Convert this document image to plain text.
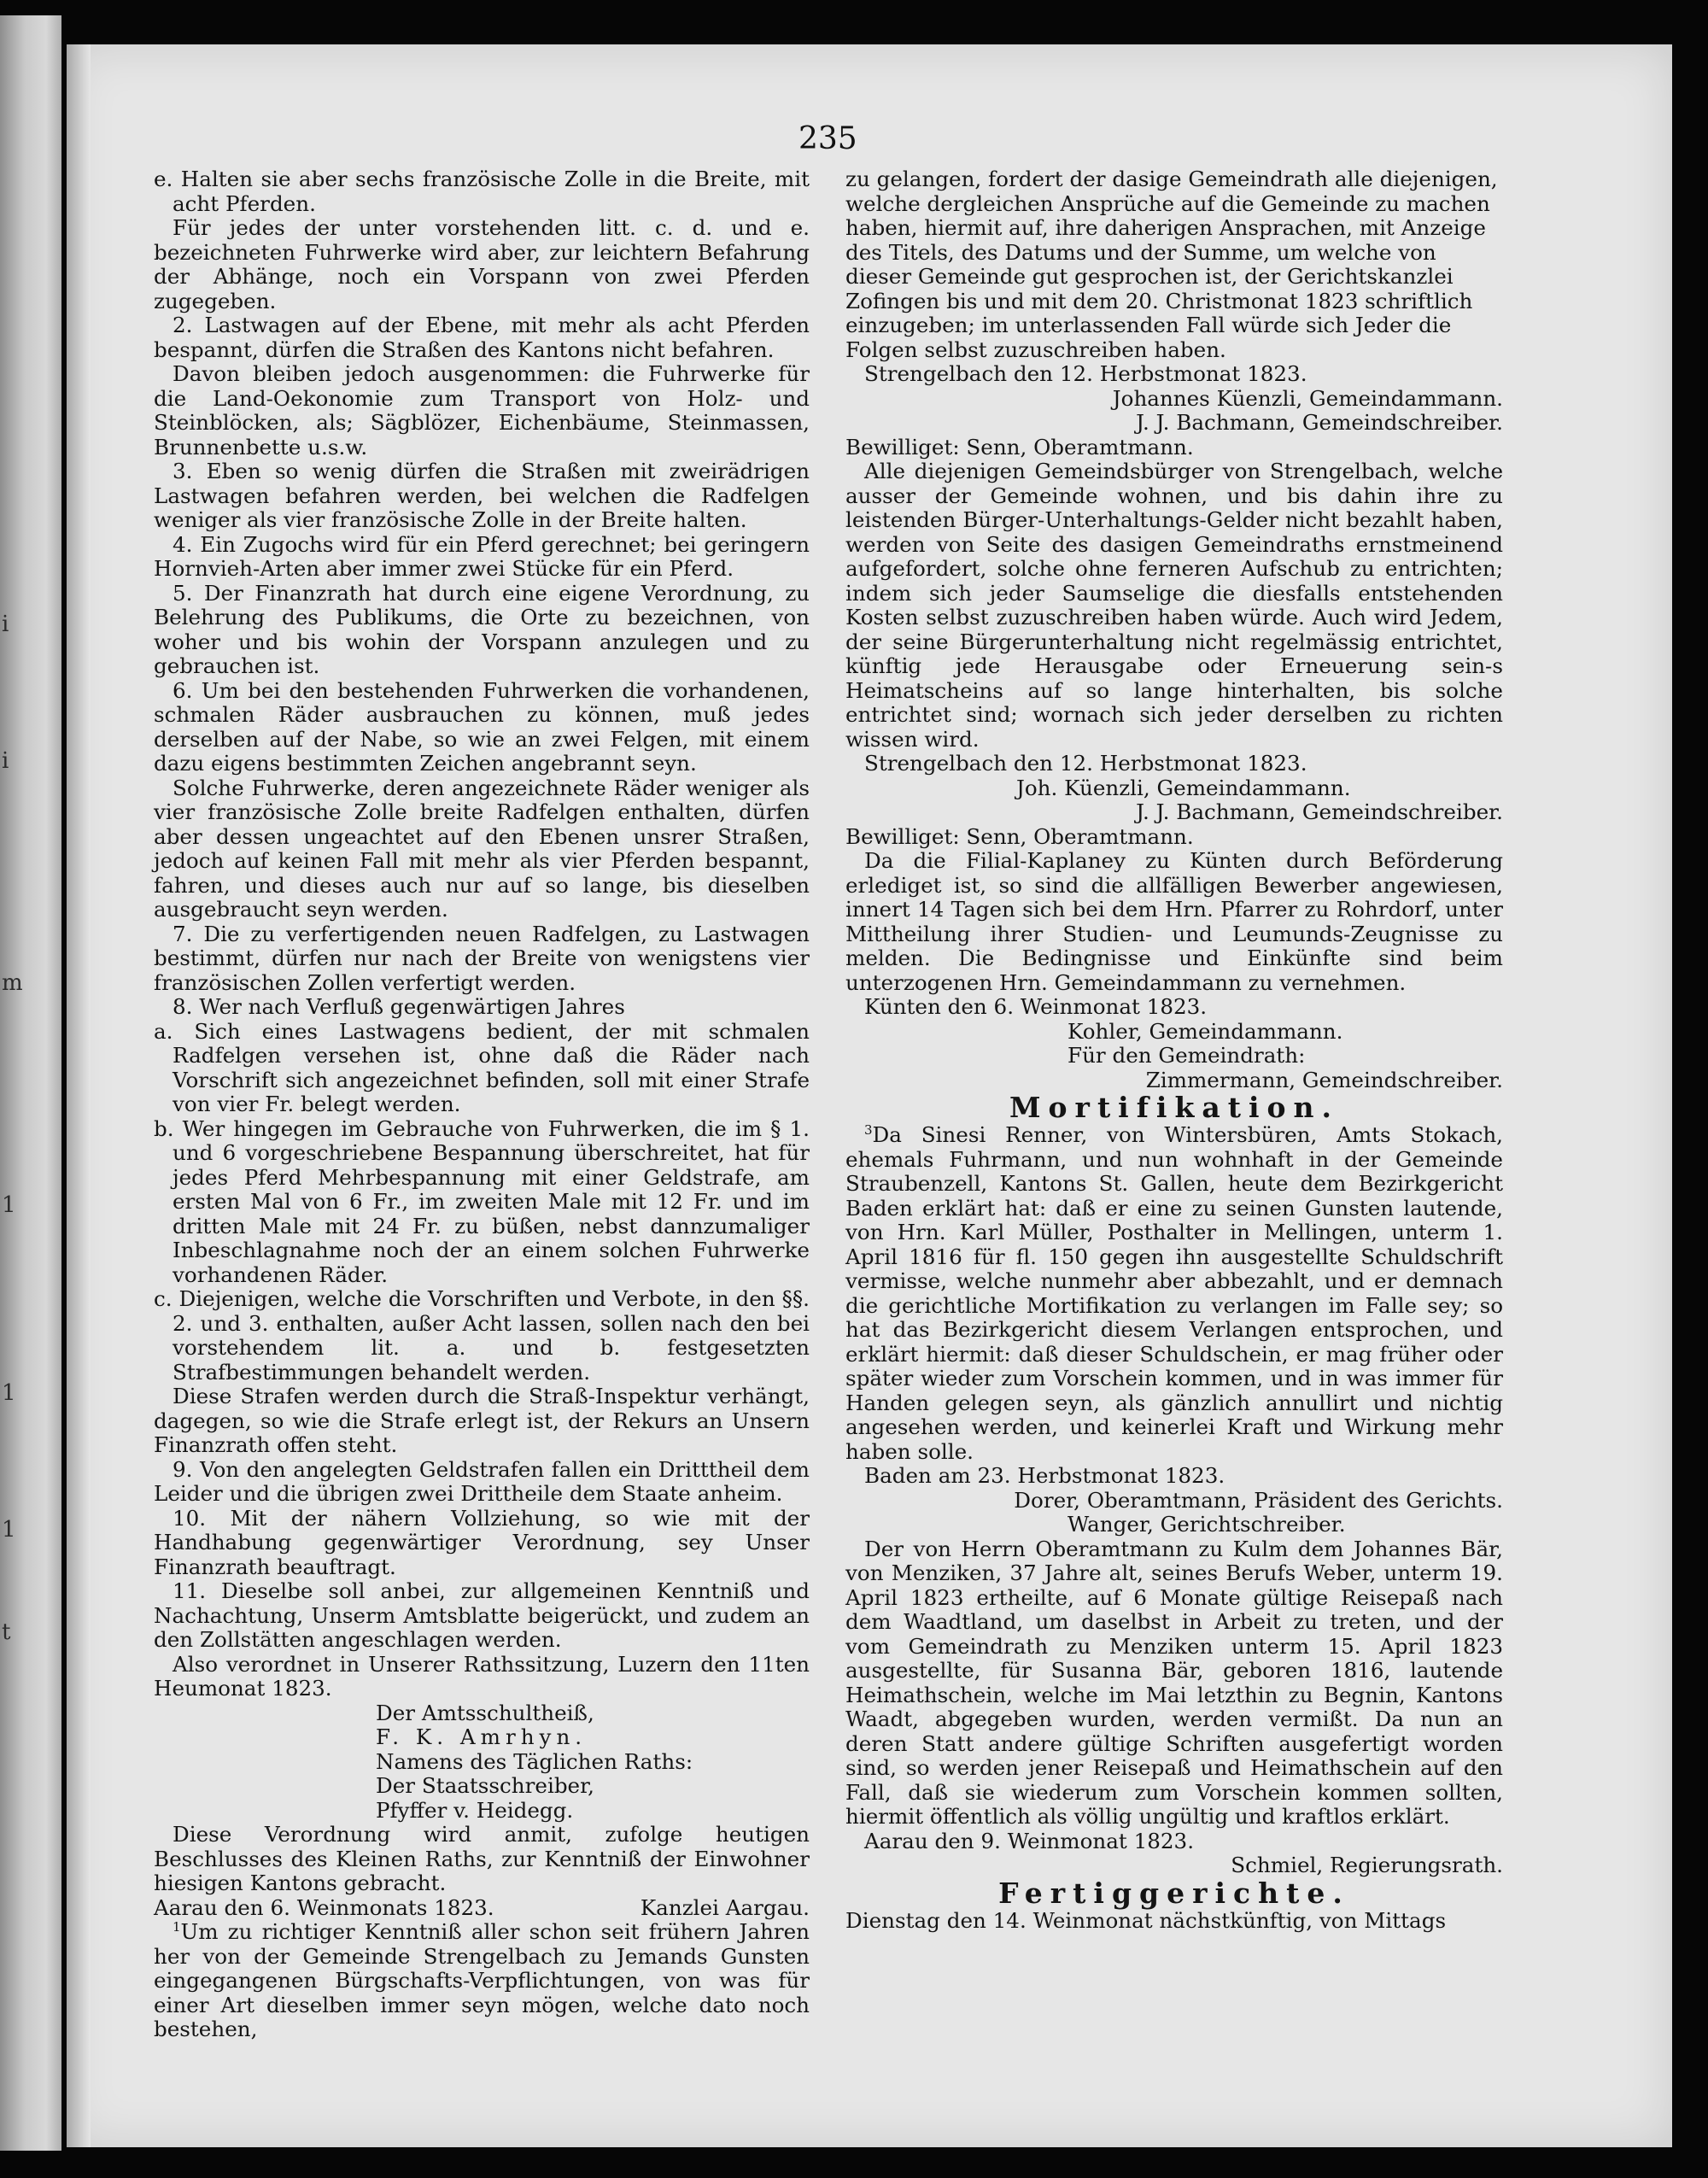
i
i
m
1
1
1
t
235

e. Halten sie aber sechs französische Zolle in die Breite, mit acht Pferden.

Für jedes der unter vorstehenden litt. c. d. und e. bezeichneten Fuhrwerke wird aber, zur leichtern Befahrung der Abhänge, noch ein Vorspann von zwei Pferden zugegeben.

2. Lastwagen auf der Ebene, mit mehr als acht Pferden bespannt, dürfen die Straßen des Kantons nicht befahren.

Davon bleiben jedoch ausgenommen: die Fuhrwerke für die Land-Oekonomie zum Transport von Holz- und Steinblöcken, als; Sägblözer, Eichenbäume, Steinmassen, Brunnenbette u.s.w.

3. Eben so wenig dürfen die Straßen mit zweirädrigen Lastwagen befahren werden, bei welchen die Radfelgen weniger als vier französische Zolle in der Breite halten.

4. Ein Zugochs wird für ein Pferd gerechnet; bei geringern Hornvieh-Arten aber immer zwei Stücke für ein Pferd.

5. Der Finanzrath hat durch eine eigene Verordnung, zu Belehrung des Publikums, die Orte zu bezeichnen, von woher und bis wohin der Vorspann anzulegen und zu gebrauchen ist.

6. Um bei den bestehenden Fuhrwerken die vorhandenen, schmalen Räder ausbrauchen zu können, muß jedes derselben auf der Nabe, so wie an zwei Felgen, mit einem dazu eigens bestimmten Zeichen angebrannt seyn.

Solche Fuhrwerke, deren angezeichnete Räder weniger als vier französische Zolle breite Radfelgen enthalten, dürfen aber dessen ungeachtet auf den Ebenen unsrer Straßen, jedoch auf keinen Fall mit mehr als vier Pferden bespannt, fahren, und dieses auch nur auf so lange, bis dieselben ausgebraucht seyn werden.

7. Die zu verfertigenden neuen Radfelgen, zu Lastwagen bestimmt, dürfen nur nach der Breite von wenigstens vier französischen Zollen verfertigt werden.

8. Wer nach Verfluß gegenwärtigen Jahres

a. Sich eines Lastwagens bedient, der mit schmalen Radfelgen versehen ist, ohne daß die Räder nach Vorschrift sich angezeichnet befinden, soll mit einer Strafe von vier Fr. belegt werden.

b. Wer hingegen im Gebrauche von Fuhrwerken, die im § 1. und 6 vorgeschriebene Bespannung überschreitet, hat für jedes Pferd Mehrbespannung mit einer Geldstrafe, am ersten Mal von 6 Fr., im zweiten Male mit 12 Fr. und im dritten Male mit 24 Fr. zu büßen, nebst dannzumaliger Inbeschlagnahme noch der an einem solchen Fuhrwerke vorhandenen Räder.

c. Diejenigen, welche die Vorschriften und Verbote, in den §§. 2. und 3. enthalten, außer Acht lassen, sollen nach den bei vorstehendem lit. a. und b. festgesetzten Strafbestimmungen behandelt werden.

Diese Strafen werden durch die Straß-Inspektur verhängt, dagegen, so wie die Strafe erlegt ist, der Rekurs an Unsern Finanzrath offen steht.

9. Von den angelegten Geldstrafen fallen ein Dritttheil dem Leider und die übrigen zwei Drittheile dem Staate anheim.

10. Mit der nähern Vollziehung, so wie mit der Handhabung gegenwärtiger Verordnung, sey Unser Finanzrath beauftragt.

11. Dieselbe soll anbei, zur allgemeinen Kenntniß und Nachachtung, Unserm Amtsblatte beigerückt, und zudem an den Zollstätten angeschlagen werden.

Also verordnet in Unserer Rathssitzung, Luzern den 11ten Heumonat 1823.

Der Amtsschultheiß,

F. K. Amrhyn.

Namens des Täglichen Raths:

Der Staatsschreiber,

Pfyffer v. Heidegg.

Diese Verordnung wird anmit, zufolge heutigen Beschlusses des Kleinen Raths, zur Kenntniß der Einwohner hiesigen Kantons gebracht.

Aarau den 6. Weinmonats 1823.	Kanzlei Aargau.

$^1$Um zu richtiger Kenntniß aller schon seit frühern Jahren her von der Gemeinde Strengelbach zu Jemands Gunsten eingegangenen Bürgschafts-Verpflichtungen, von was für einer Art dieselben immer seyn mögen, welche dato noch bestehen,

zu gelangen, fordert der dasige Gemeindrath alle diejenigen, welche dergleichen Ansprüche auf die Gemeinde zu machen haben, hiermit auf, ihre daherigen Ansprachen, mit Anzeige des Titels, des Datums und der Summe, um welche von dieser Gemeinde gut gesprochen ist, der Gerichtskanzlei Zofingen bis und mit dem 20. Christmonat 1823 schriftlich einzugeben; im unterlassenden Fall würde sich Jeder die Folgen selbst zuzuschreiben haben.

Strengelbach den 12. Herbstmonat 1823.

Johannes Küenzli, Gemeindammann.

J. J. Bachmann, Gemeindschreiber.

Bewilliget: Senn, Oberamtmann.

Alle diejenigen Gemeindsbürger von Strengelbach, welche ausser der Gemeinde wohnen, und bis dahin ihre zu leistenden Bürger-Unterhaltungs-Gelder nicht bezahlt haben, werden von Seite des dasigen Gemeindraths ernstmeinend aufgefordert, solche ohne ferneren Aufschub zu entrichten; indem sich jeder Saumselige die diesfalls entstehenden Kosten selbst zuzuschreiben haben würde. Auch wird Jedem, der seine Bürgerunterhaltung nicht regelmässig entrichtet, künftig jede Herausgabe oder Erneuerung sein-s Heimatscheins auf so lange hinterhalten, bis solche entrichtet sind; wornach sich jeder derselben zu richten wissen wird.

Strengelbach den 12. Herbstmonat 1823.

Joh. Küenzli, Gemeindammann.

J. J. Bachmann, Gemeindschreiber.

Bewilliget: Senn, Oberamtmann.

Da die Filial-Kaplaney zu Künten durch Beförderung erlediget ist, so sind die allfälligen Bewerber angewiesen, innert 14 Tagen sich bei dem Hrn. Pfarrer zu Rohrdorf, unter Mittheilung ihrer Studien- und Leumunds-Zeugnisse zu melden. Die Bedingnisse und Einkünfte sind beim unterzogenen Hrn. Gemeindammann zu vernehmen.

Künten den 6. Weinmonat 1823.

Kohler, Gemeindammann.

Für den Gemeindrath:

Zimmermann, Gemeindschreiber.

Mortifikation.

$^3$Da Sinesi Renner, von Wintersbüren, Amts Stokach, ehemals Fuhrmann, und nun wohnhaft in der Gemeinde Straubenzell, Kantons St. Gallen, heute dem Bezirkgericht Baden erklärt hat: daß er eine zu seinen Gunsten lautende, von Hrn. Karl Müller, Posthalter in Mellingen, unterm 1. April 1816 für fl. 150 gegen ihn ausgestellte Schuldschrift vermisse, welche nunmehr aber abbezahlt, und er demnach die gerichtliche Mortifikation zu verlangen im Falle sey; so hat das Bezirkgericht diesem Verlangen entsprochen, und erklärt hiermit: daß dieser Schuldschein, er mag früher oder später wieder zum Vorschein kommen, und in was immer für Handen gelegen seyn, als gänzlich annullirt und nichtig angesehen werden, und keinerlei Kraft und Wirkung mehr haben solle.

Baden am 23. Herbstmonat 1823.

Dorer, Oberamtmann, Präsident des Gerichts.

Wanger, Gerichtschreiber.

Der von Herrn Oberamtmann zu Kulm dem Johannes Bär, von Menziken, 37 Jahre alt, seines Berufs Weber, unterm 19. April 1823 ertheilte, auf 6 Monate gültige Reisepaß nach dem Waadtland, um daselbst in Arbeit zu treten, und der vom Gemeindrath zu Menziken unterm 15. April 1823 ausgestellte, für Susanna Bär, geboren 1816, lautende Heimathschein, welche im Mai letzthin zu Begnin, Kantons Waadt, abgegeben wurden, werden vermißt. Da nun an deren Statt andere gültige Schriften ausgefertigt worden sind, so werden jener Reisepaß und Heimathschein auf den Fall, daß sie wiederum zum Vorschein kommen sollten, hiermit öffentlich als völlig ungültig und kraftlos erklärt.

Aarau den 9. Weinmonat 1823.

Schmiel, Regierungsrath.

Fertiggerichte.

Dienstag den 14. Weinmonat nächstkünftig, von Mittags
